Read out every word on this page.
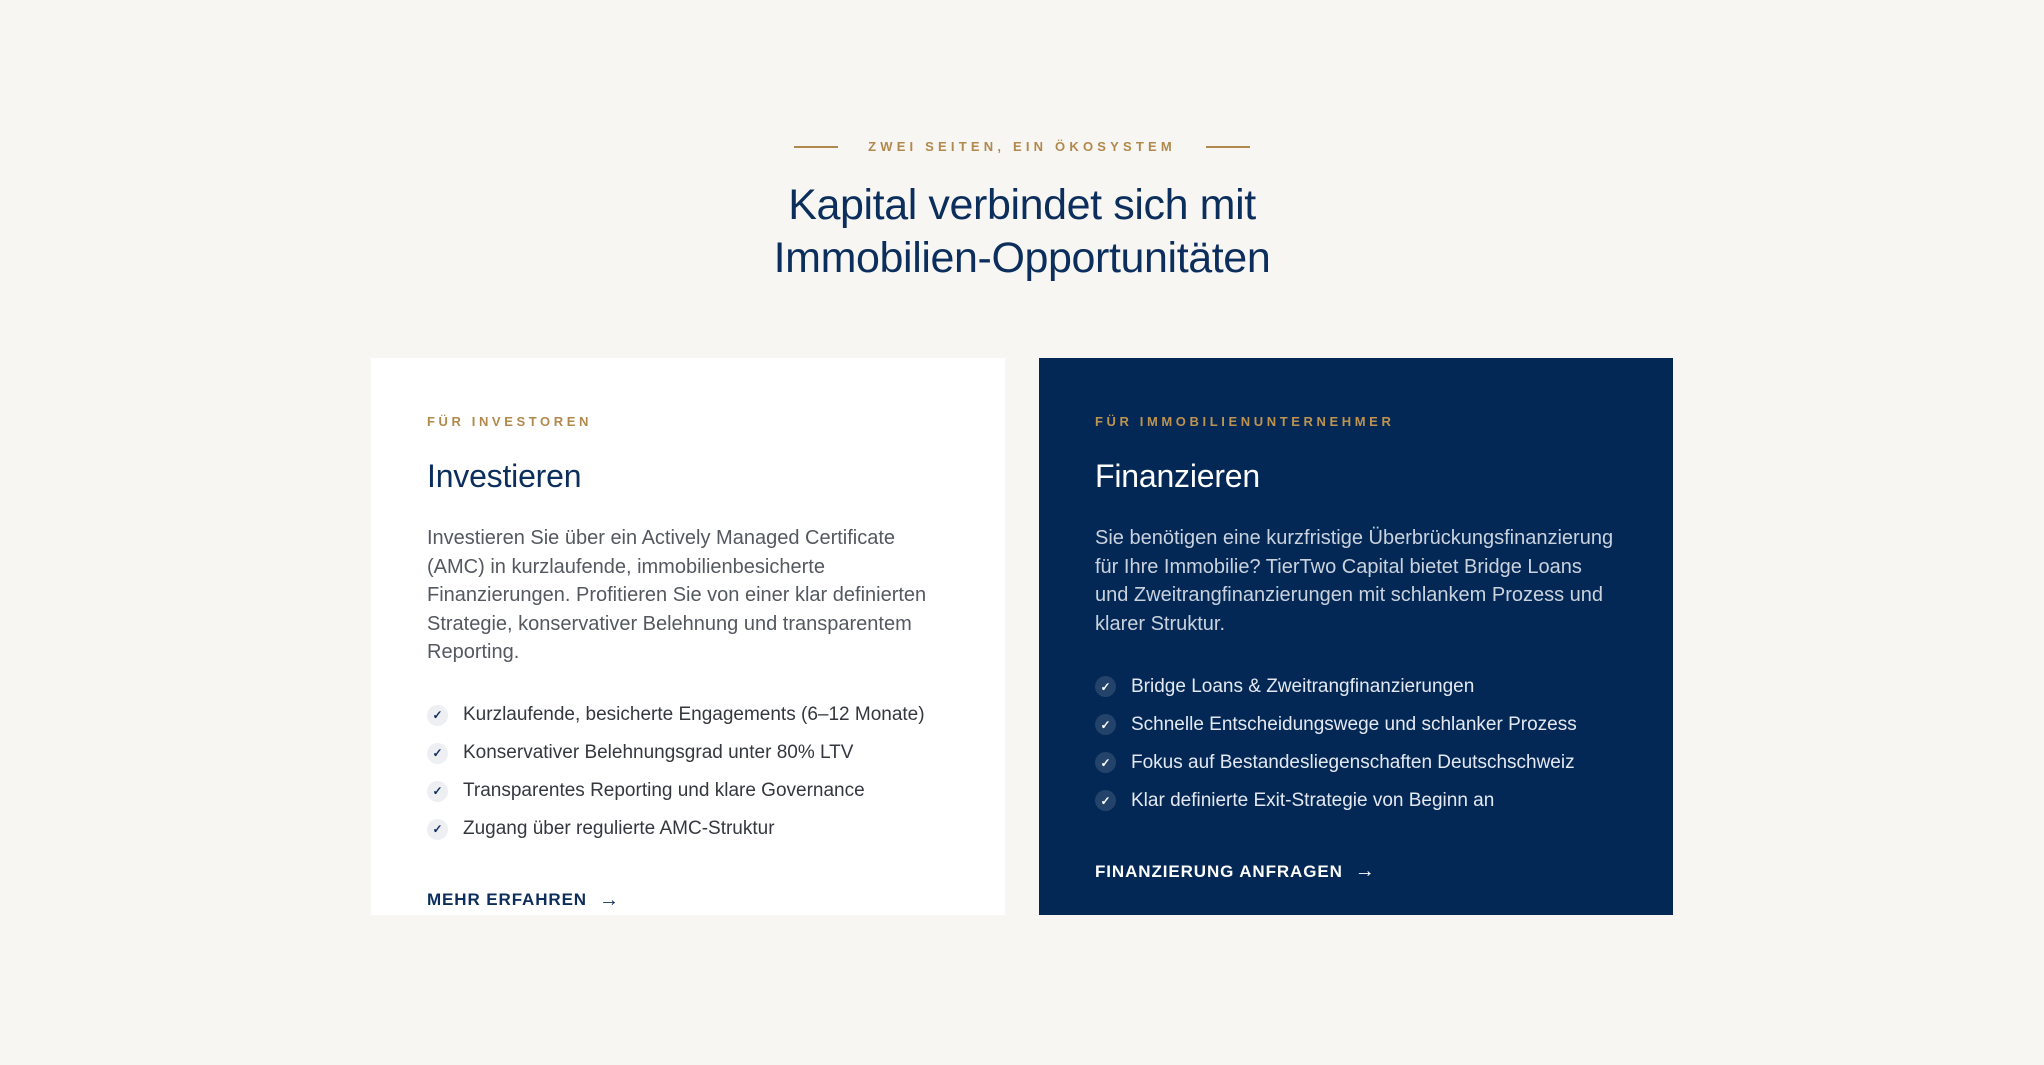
ZWEI SEITEN, EIN ÖKOSYSTEM
Kapital verbindet sich mit
Immobilien-Opportunitäten
FÜR INVESTOREN
Investieren

Investieren Sie über ein Actively Managed Certificate (AMC) in kurzlaufende, immobilienbesicherte Finanzierungen. Profitieren Sie von einer klar definierten Strategie, konservativer Belehnung und transparentem Reporting.

✓ Kurzlaufende, besicherte Engagements (6–12 Monate)
✓ Konservativer Belehnungsgrad unter 80% LTV
✓ Transparentes Reporting und klare Governance
✓ Zugang über regulierte AMC-Struktur
MEHR ERFAHREN →
FÜR IMMOBILIENUNTERNEHMER
Finanzieren

Sie benötigen eine kurzfristige Überbrückungsfinanzierung für Ihre Immobilie? TierTwo Capital bietet Bridge Loans und Zweitrangfinanzierungen mit schlankem Prozess und klarer Struktur.

✓ Bridge Loans & Zweitrangfinanzierungen
✓ Schnelle Entscheidungswege und schlanker Prozess
✓ Fokus auf Bestandesliegenschaften Deutschschweiz
✓ Klar definierte Exit-Strategie von Beginn an
FINANZIERUNG ANFRAGEN →
